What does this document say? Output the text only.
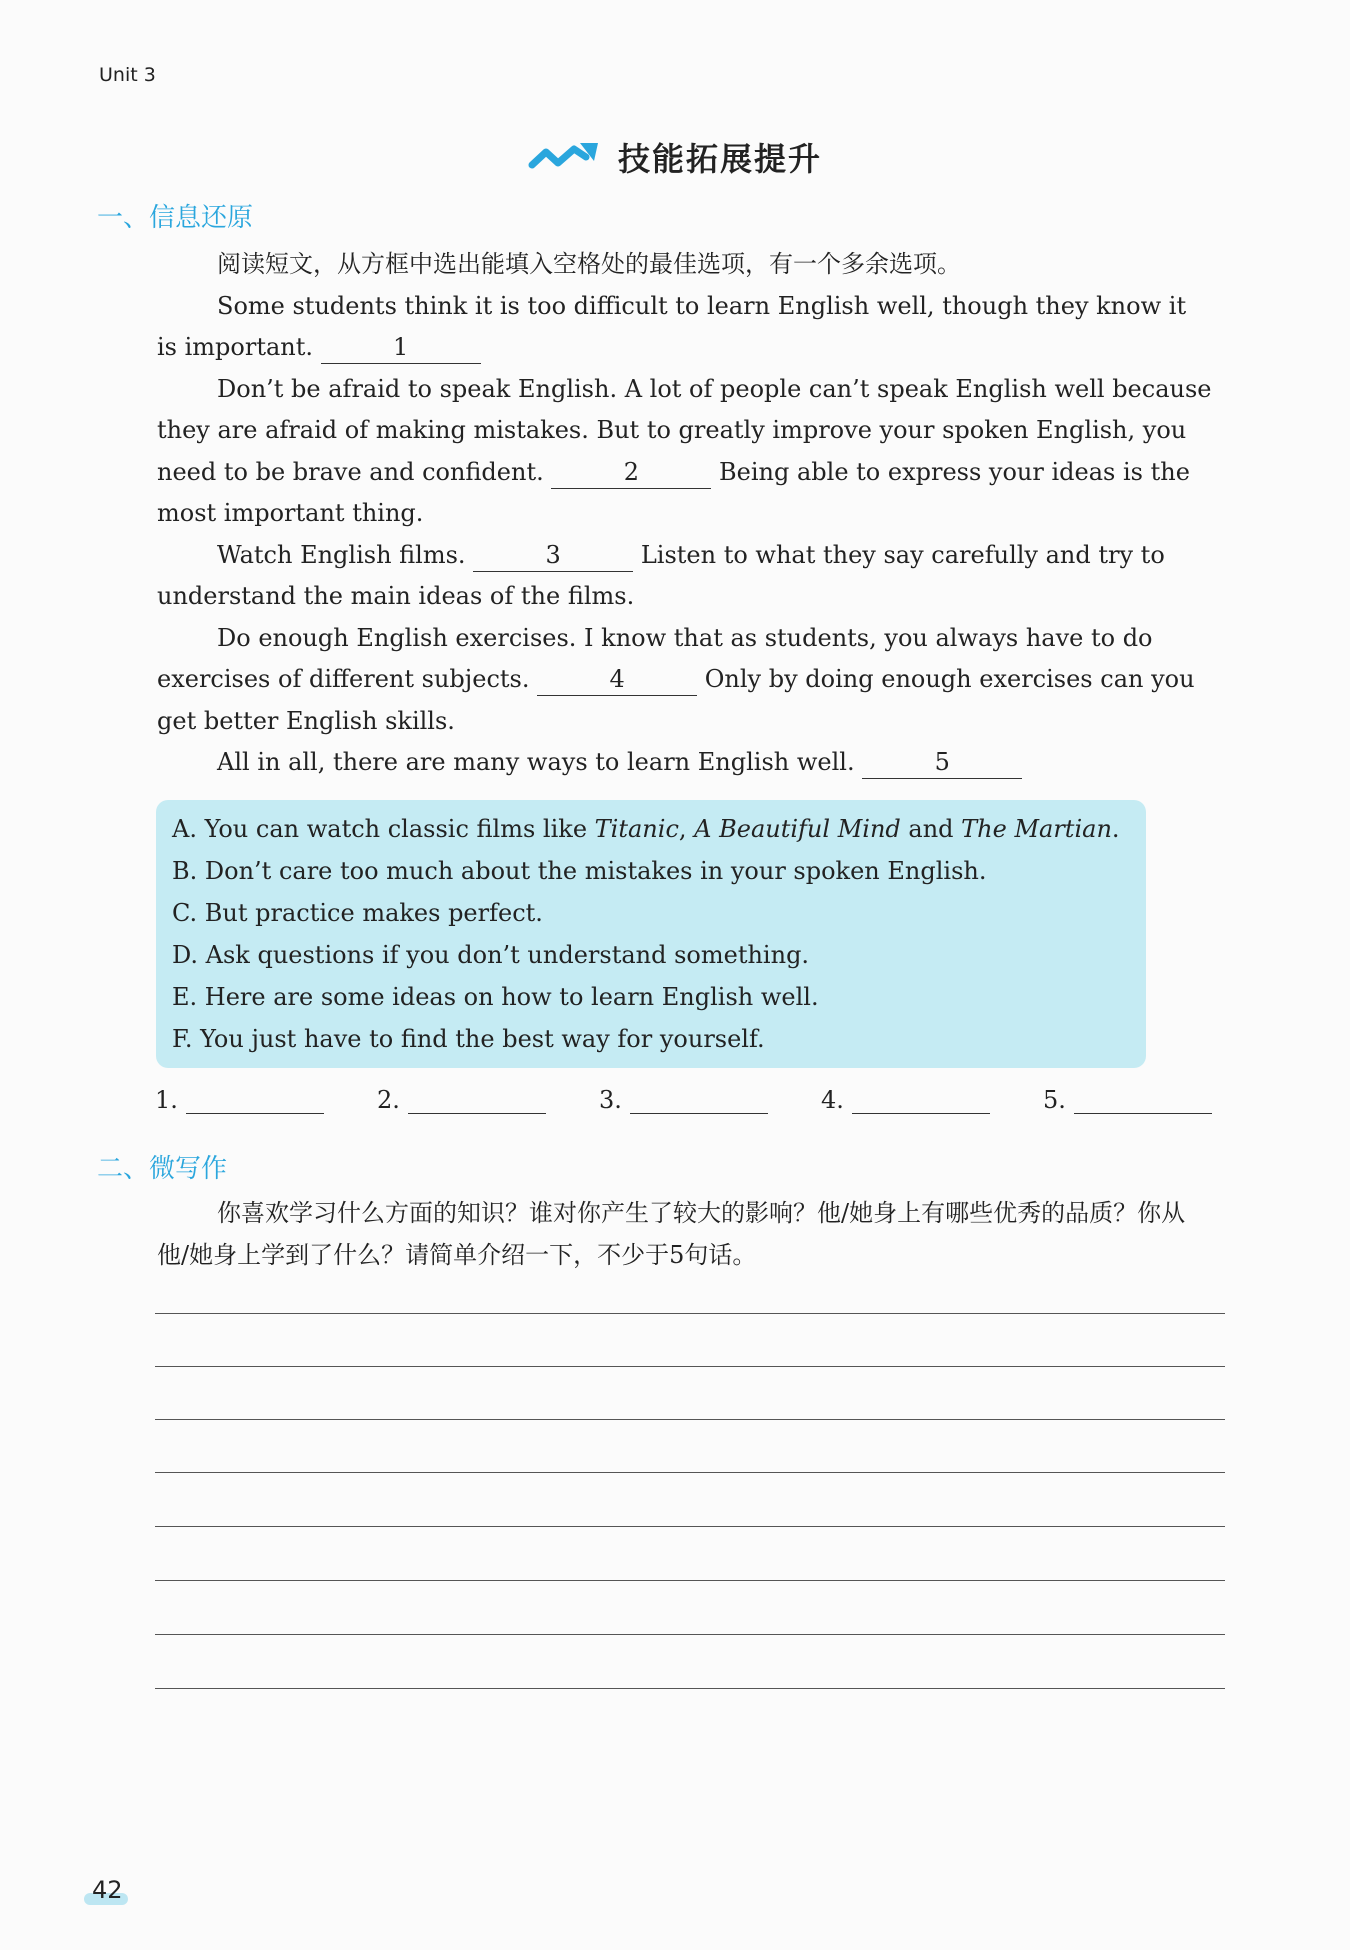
Unit 3
技能拓展提升
一、信息还原

阅读短文，从方框中选出能填入空格处的最佳选项，有一个多余选项。

Some students think it is too difficult to learn English well, though they know it is important.	1

Don’t be afraid to speak English. A lot of people can’t speak English well because they are afraid of making mistakes. But to greatly improve your spoken English, you need to be brave and confident.	2	Being able to express your ideas is the most important thing.

Watch English films.	3	Listen to what they say carefully and try to understand the main ideas of the films.

Do enough English exercises. I know that as students, you always have to do exercises of different subjects.	4	Only by doing enough exercises can you get better English skills.

All in all, there are many ways to learn English well.	5

A. You can watch classic films like Titanic, A Beautiful Mind and The Martian.
B. Don’t care too much about the mistakes in your spoken English.
C. But practice makes perfect.
D. Ask questions if you don’t understand something.
E. Here are some ideas on how to learn English well.
F. You just have to find the best way for yourself.
1.	2.	3.	4.	5.
二、微写作

你喜欢学习什么方面的知识？谁对你产生了较大的影响？他/她身上有哪些优秀的品质？你从他/她身上学到了什么？请简单介绍一下，不少于5句话。

42
